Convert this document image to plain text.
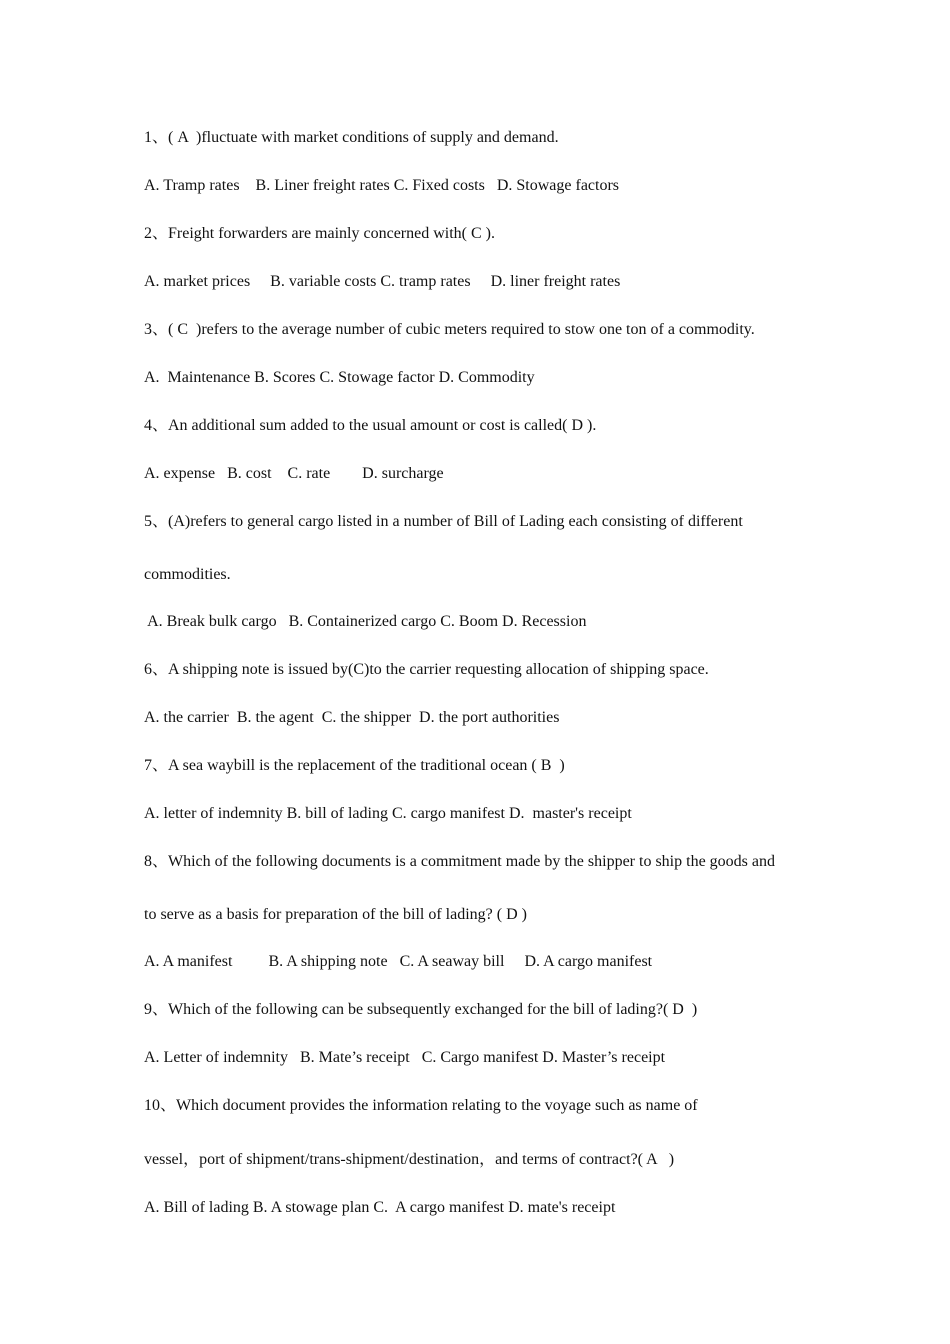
1、( A  )fluctuate with market conditions of supply and demand.
A. Tramp rates    B. Liner freight rates C. Fixed costs   D. Stowage factors
2、Freight forwarders are mainly concerned with( C ).
A. market prices     B. variable costs C. tramp rates     D. liner freight rates
3、( C  )refers to the average number of cubic meters required to stow one ton of a commodity.
A.  Maintenance B. Scores C. Stowage factor D. Commodity
4、An additional sum added to the usual amount or cost is called( D ).
A. expense   B. cost    C. rate        D. surcharge
5、(A)refers to general cargo listed in a number of Bill of Lading each consisting of different
commodities.
A. Break bulk cargo   B. Containerized cargo C. Boom D. Recession
6、A shipping note is issued by(C)to the carrier requesting allocation of shipping space.
A. the carrier  B. the agent  C. the shipper  D. the port authorities
7、A sea waybill is the replacement of the traditional ocean ( B  )
A. letter of indemnity B. bill of lading C. cargo manifest D.  master's receipt
8、Which of the following documents is a commitment made by the shipper to ship the goods and
to serve as a basis for preparation of the bill of lading? ( D )
A. A manifest         B. A shipping note   C. A seaway bill     D. A cargo manifest
9、Which of the following can be subsequently exchanged for the bill of lading?( D  )
A. Letter of indemnity   B. Mate’s receipt   C. Cargo manifest D. Master’s receipt
10、Which document provides the information relating to the voyage such as name of
vessel，port of shipment/trans-shipment/destination，and terms of contract?( A   )
A. Bill of lading B. A stowage plan C.  A cargo manifest D. mate's receipt
